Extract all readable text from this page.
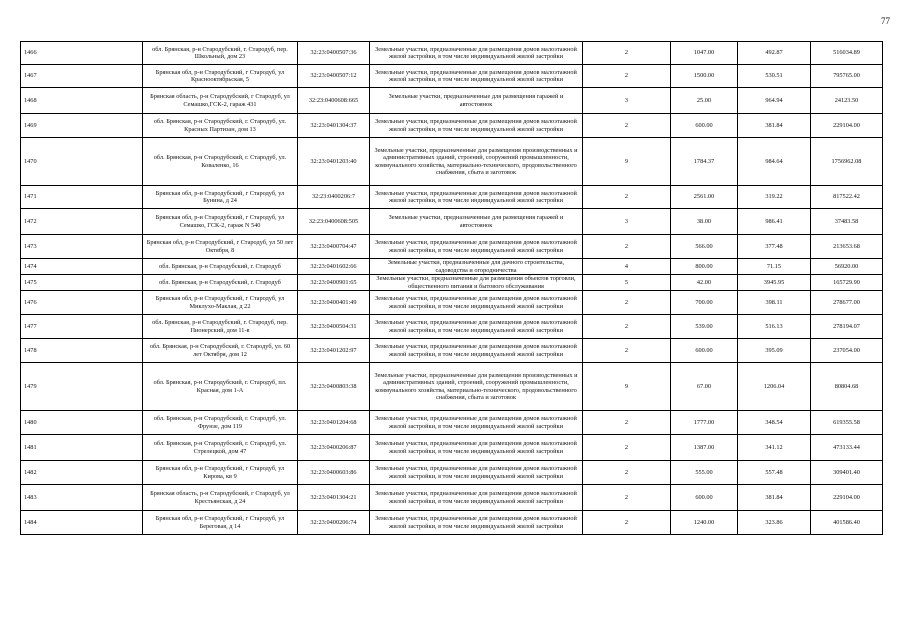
77
1466	обл. Брянская, р-н Стародубский, г. Стародуб, пер. Школьный, дом 23	32:23:0400507:36	Земельные участки, предназначенные для размещения домов малоэтажной жилой застройки, в том числе индивидуальной жилой застройки	2	1047.00	492.87	516034.89
1467	Брянская обл, р-н Стародубский, г Стародуб, ул Краснооктябрьская, 5	32:23:0400507:12	Земельные участки, предназначенные для размещения домов малоэтажной жилой застройки, в том числе индивидуальной жилой застройки	2	1500.00	530.51	795765.00
1468	Брянская область, р-н Стародубский, г Стародуб, ул Семашко,ГСК-2, гараж 431	32:23:0400608:665	Земельные участки, предназначенные для размещения гаражей и автостоянок	3	25.00	964.94	24123.50
1469	обл. Брянская, р-н Стародубский, г. Стародуб, ул. Красных Партизан, дом 13	32:23:0401304:37	Земельные участки, предназначенные для размещения домов малоэтажной жилой застройки, в том числе индивидуальной жилой застройки	2	600.00	381.84	229104.00
1470	обл. Брянская, р-н Стародубский, г. Стародуб, ул. Коваленко, 16	32:23:0401203:40	Земельные участки, предназначенные для размещения производственных и административных зданий, строений, сооружений промышленности, коммунального хозяйства, материально-технического, продовольственного снабжения, сбыта и заготовок	9	1784.37	984.64	1756962.08
1471	Брянская обл, р-н Стародубский, г Стародуб, ул Бунина, д 24	32:23:0400206:7	Земельные участки, предназначенные для размещения домов малоэтажной жилой застройки, в том числе индивидуальной жилой застройки	2	2561.00	319.22	817522.42
1472	Брянская обл, р-н Стародубский, г Стародуб, ул Семашко, ГСК-2, гараж N 540	32:23:0400608:505	Земельные участки, предназначенные для размещения гаражей и автостоянок	3	38.00	986.41	37483.58
1473	Брянская обл, р-н Стародубский, г Стародуб, ул 50 лет Октября, 8	32:23:0400704:47	Земельные участки, предназначенные для размещения домов малоэтажной жилой застройки, в том числе индивидуальной жилой застройки	2	566.00	377.48	213653.68
1474	обл. Брянская, р-н Стародубский, г. Стародуб	32:23:0401602:66	Земельные участки, предназначенные для дачного строительства, садоводства и огородничества	4	800.00	71.15	56920.00
1475	обл. Брянская, р-н Стародубский, г. Стародуб	32:23:0400901:65	Земельные участки, предназначенные для размещения объектов торговли, общественного питания и бытового обслуживания	5	42.00	3945.95	165729.90
1476	Брянская обл, р-н Стародубский, г Стародуб, ул Миклухо-Маклая, д 22	32:23:0400401:49	Земельные участки, предназначенные для размещения домов малоэтажной жилой застройки, в том числе индивидуальной жилой застройки	2	700.00	398.11	278677.00
1477	обл. Брянская, р-н Стародубский, г. Стародуб, пер. Пионерский, дом 11-в	32:23:0400504:31	Земельные участки, предназначенные для размещения домов малоэтажной жилой застройки, в том числе индивидуальной жилой застройки	2	539.00	516.13	278194.07
1478	обл. Брянская, р-н Стародубский, г. Стародуб, ул. 60 лет Октября, дом 12	32:23:0401202:97	Земельные участки, предназначенные для размещения домов малоэтажной жилой застройки, в том числе индивидуальной жилой застройки	2	600.00	395.09	237054.00
1479	обл. Брянская, р-н Стародубский, г. Стародуб, пл. Красная, дом 1-А	32:23:0400803:38	Земельные участки, предназначенные для размещения производственных и административных зданий, строений, сооружений промышленности, коммунального хозяйства, материально-технического, продовольственного снабжения, сбыта и заготовок	9	67.00	1206.04	80804.68
1480	обл. Брянская, р-н Стародубский, г. Стародуб, ул. Фрунзе, дом 119	32:23:0401204:68	Земельные участки, предназначенные для размещения домов малоэтажной жилой застройки, в том числе индивидуальной жилой застройки	2	1777.00	348.54	619355.58
1481	обл. Брянская, р-н Стародубский, г. Стародуб, ул. Стрелецкой, дом 47	32:23:0400206:87	Земельные участки, предназначенные для размещения домов малоэтажной жилой застройки, в том числе индивидуальной жилой застройки	2	1387.00	341.12	473133.44
1482	Брянская обл, р-н Стародубский, г Стародуб, ул Кирова, кв 9	32:23:0400603:86	Земельные участки, предназначенные для размещения домов малоэтажной жилой застройки, в том числе индивидуальной жилой застройки	2	555.00	557.48	309401.40
1483	Брянская область, р-н Стародубский, г Стародуб, ул Крестьянская, д 24	32:23:0401304:21	Земельные участки, предназначенные для размещения домов малоэтажной жилой застройки, в том числе индивидуальной жилой застройки	2	600.00	381.84	229104.00
1484	Брянская обл, р-н Стародубский, г Стародуб, ул Береговая, д 14	32:23:0400206:74	Земельные участки, предназначенные для размещения домов малоэтажной жилой застройки, в том числе индивидуальной жилой застройки	2	1240.00	323.86	401586.40
